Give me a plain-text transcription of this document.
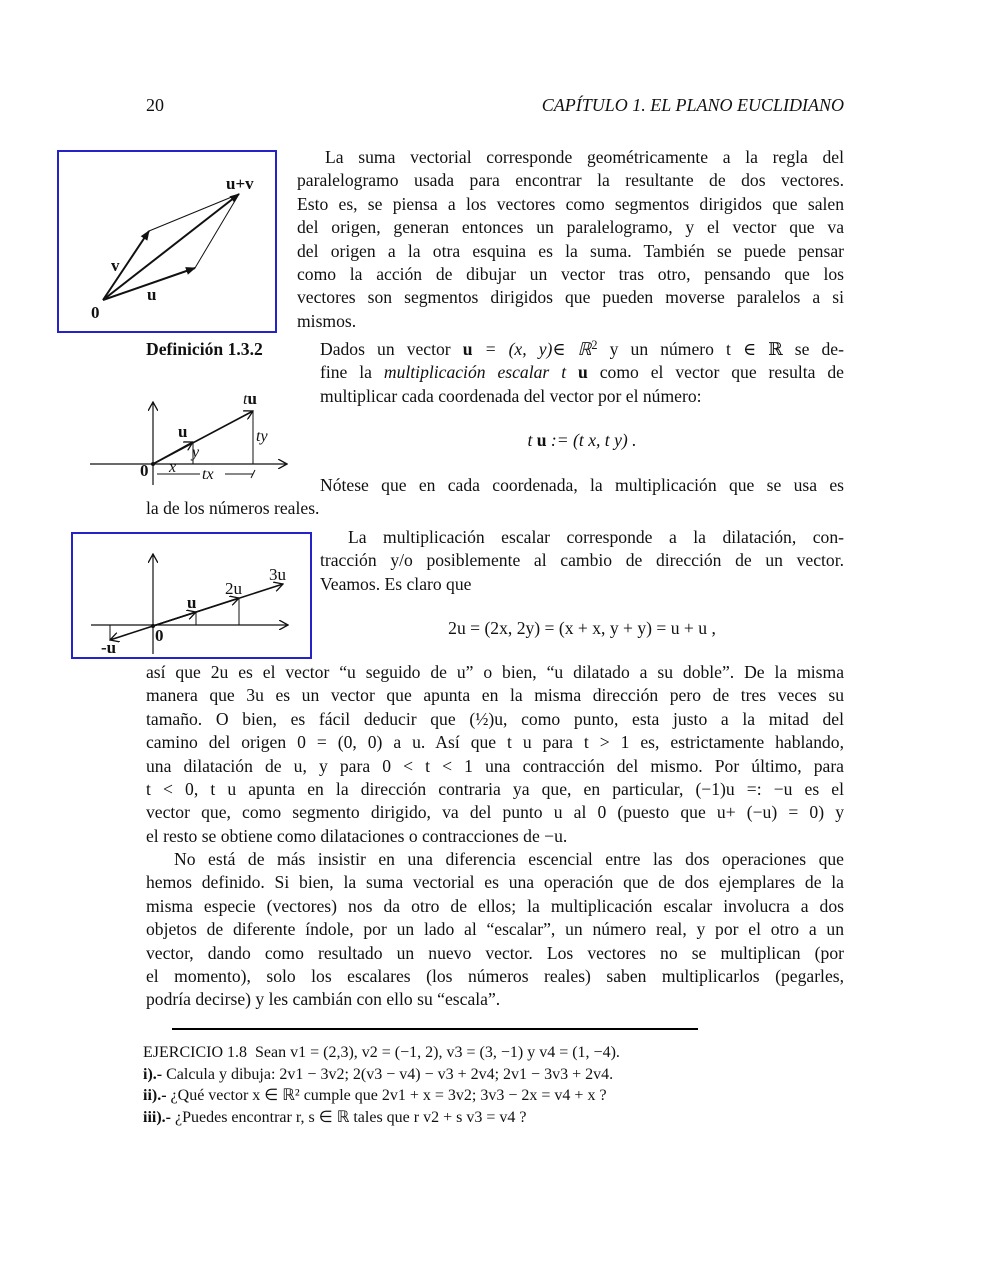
20	CAPÍTULO 1. EL PLANO EUCLIDIANO
u+v
v
u
0
La suma vectorial corresponde geométricamente a la regla del
paralelogramo usada para encontrar la resultante de dos vectores.
Esto es, se piensa a los vectores como segmentos dirigidos que salen
del origen, generan entonces un paralelogramo, y el vector que va
del origen a la otra esquina es la suma. También se puede pensar
como la acción de dibujar un vector tras otro, pensando que los
vectores son segmentos dirigidos que pueden moverse paralelos a si
mismos.
Definición 1.3.2	Dados un vector u = (x, y)∈ ℝ$^2$ y un número t ∈ ℝ se de-
fine la multiplicación escalar t u como el vector que resulta de
multiplicar cada coordenada del vector por el número:
tu
u
y
ty
0 x tx
t u := (t x, t y) .
Nótese que en cada coordenada, la multiplicación que se usa es
la de los números reales.
3u
2u
u
-u
0
La multiplicación escalar corresponde a la dilatación, con-
tracción y/o posiblemente al cambio de dirección de un vector.
Veamos. Es claro que
2u = (2x, 2y) = (x + x, y + y) = u + u ,
así que 2u es el vector “u seguido de u” o bien, “u dilatado a su doble”. De la misma
manera que 3u es un vector que apunta en la misma dirección pero de tres veces su
tamaño. O bien, es fácil deducir que (½)u, como punto, esta justo a la mitad del
camino del origen 0 = (0, 0) a u. Así que t u para t > 1 es, estrictamente hablando,
una dilatación de u, y para 0 < t < 1 una contracción del mismo. Por último, para
t < 0, t u apunta en la dirección contraria ya que, en particular, (−1)u =: −u es el
vector que, como segmento dirigido, va del punto u al 0 (puesto que u+ (−u) = 0) y
el resto se obtiene como dilataciones o contracciones de −u.
No está de más insistir en una diferencia escencial entre las dos operaciones que
hemos definido. Si bien, la suma vectorial es una operación que de dos ejemplares de la
misma especie (vectores) nos da otro de ellos; la multiplicación escalar involucra a dos
objetos de diferente índole, por un lado al “escalar”, un número real, y por el otro a un
vector, dando como resultado un nuevo vector. Los vectores no se multiplican (por
el momento), solo los escalares (los números reales) saben multiplicarlos (pegarles,
podría decirse) y les cambián con ello su “escala”.
EJERCICIO 1.8 Sean v1 = (2,3), v2 = (−1, 2), v3 = (3, −1) y v4 = (1, −4).
i).- Calcula y dibuja: 2v1 − 3v2; 2(v3 − v4) − v3 + 2v4; 2v1 − 3v3 + 2v4.
ii).- ¿Qué vector x ∈ ℝ² cumple que 2v1 + x = 3v2; 3v3 − 2x = v4 + x ?
iii).- ¿Puedes encontrar r, s ∈ ℝ tales que r v2 + s v3 = v4 ?
